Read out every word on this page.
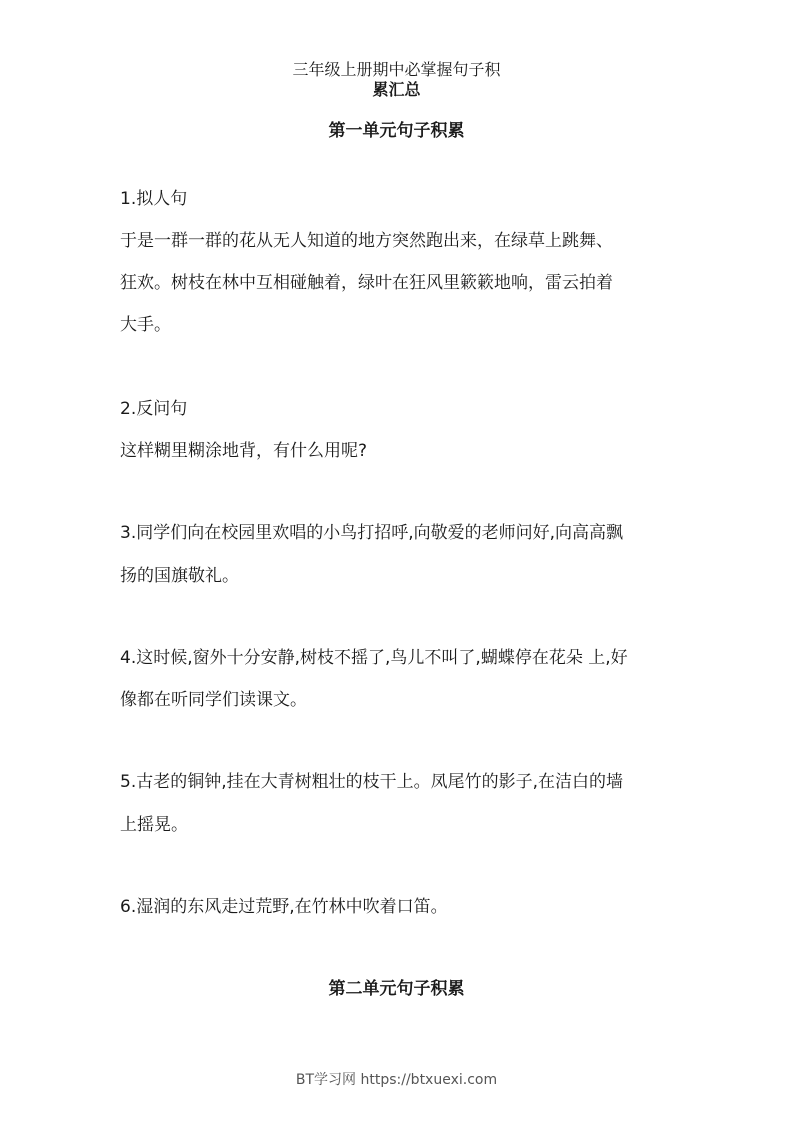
三年级上册期中必掌握句子积
累汇总
第一单元句子积累
1.拟人句
于是一群一群的花从无人知道的地方突然跑出来，在绿草上跳舞、
狂欢。树枝在林中互相碰触着，绿叶在狂风里簌簌地响，雷云拍着
大手。
2.反问句
这样糊里糊涂地背，有什么用呢?
3.同学们向在校园里欢唱的小鸟打招呼,向敬爱的老师问好,向高高飘
扬的国旗敬礼。
4.这时候,窗外十分安静,树枝不摇了,鸟儿不叫了,蝴蝶停在花朵 上,好
像都在听同学们读课文。
5.古老的铜钟,挂在大青树粗壮的枝干上。凤尾竹的影子,在洁白的墙
上摇晃。
6.湿润的东风走过荒野,在竹林中吹着口笛。
第二单元句子积累
BT学习网 https://btxuexi.com
